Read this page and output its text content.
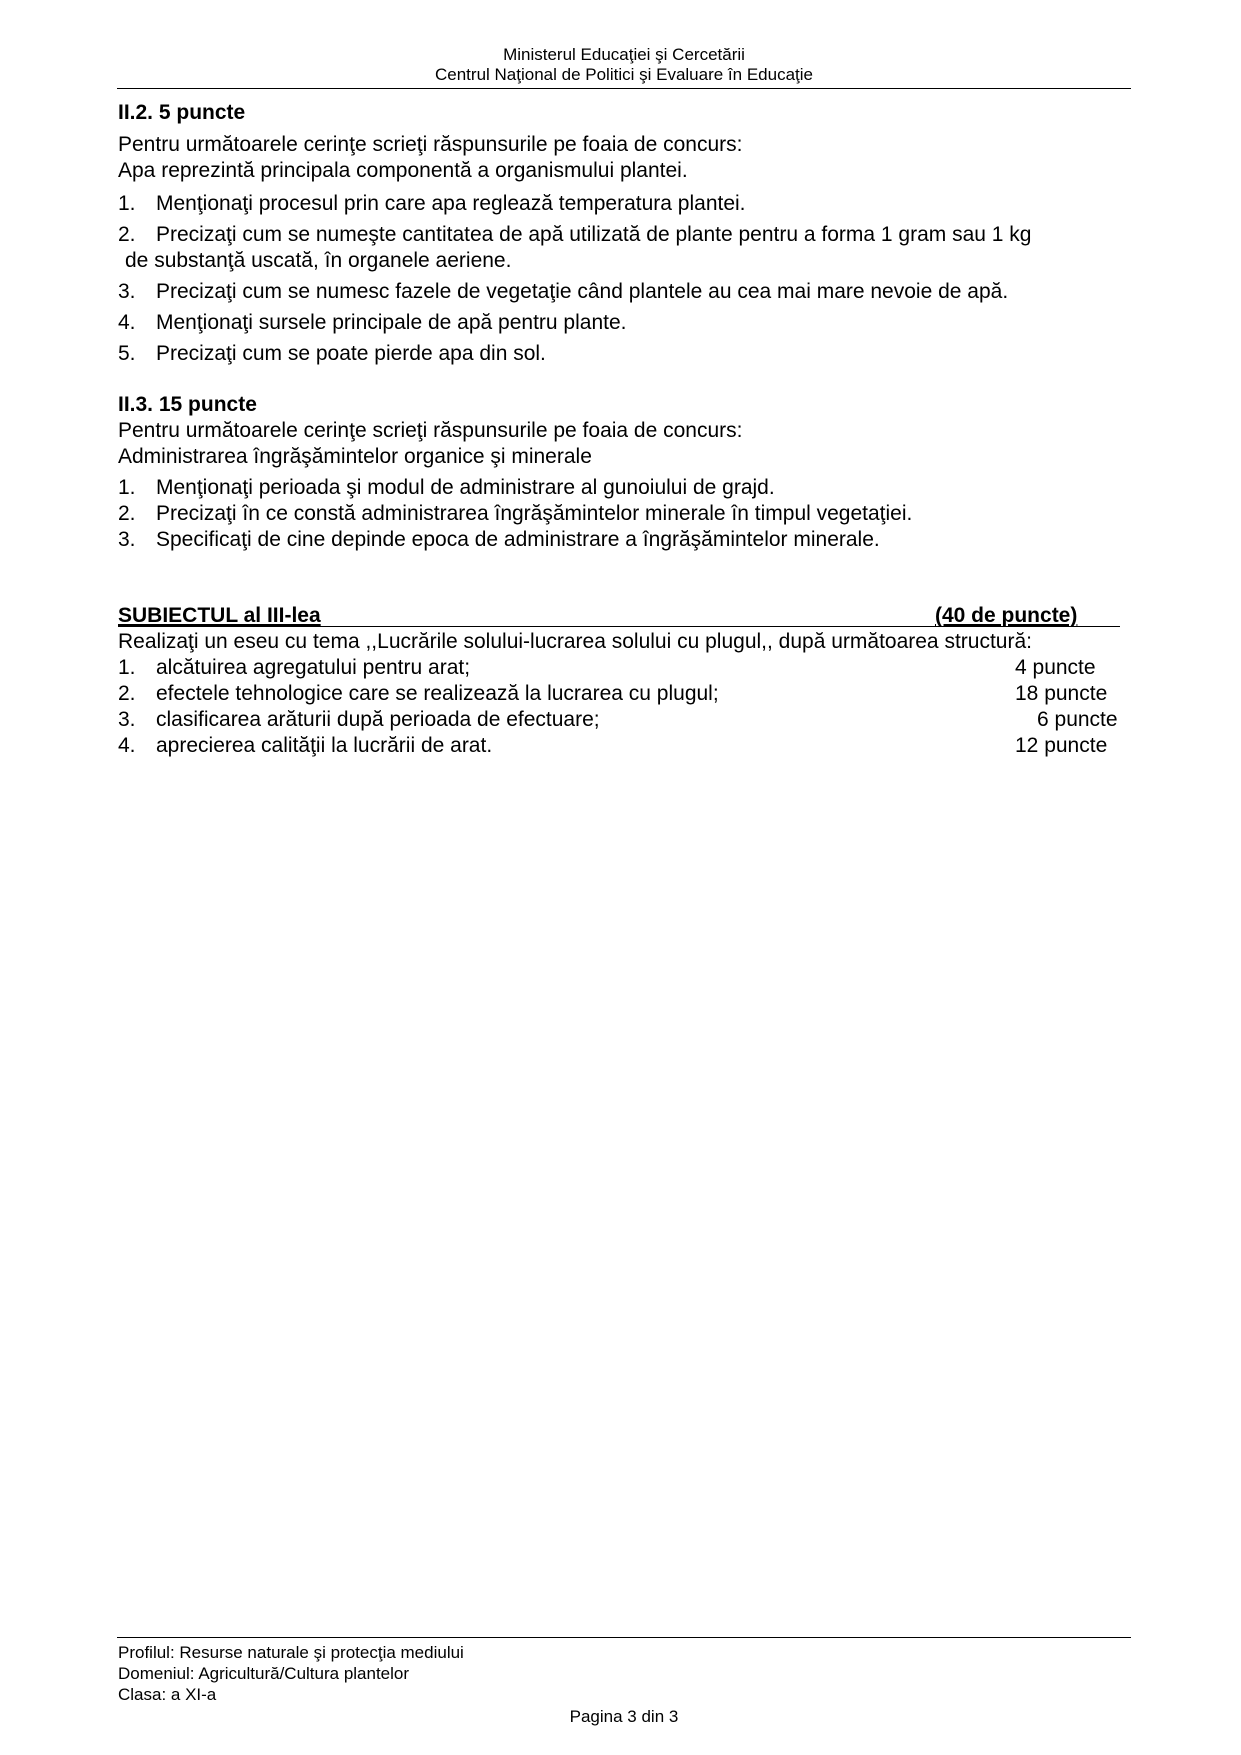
Ministerul Educaţiei şi Cercetării
Centrul Naţional de Politici şi Evaluare în Educaţie
II.2. 5 puncte
Pentru următoarele cerinţe scrieţi răspunsurile pe foaia de concurs:
Apa reprezintă principala componentă a organismului plantei.
1. Menţionaţi procesul prin care apa reglează temperatura plantei.
2. Precizaţi cum se numeşte cantitatea de apă utilizată de plante pentru a forma 1 gram sau 1 kg
de substanţă uscată, în organele aeriene.
3. Precizaţi cum se numesc fazele de vegetaţie când plantele au cea mai mare nevoie de apă.
4. Menţionaţi sursele principale de apă pentru plante.
5. Precizaţi cum se poate pierde apa din sol.
II.3. 15 puncte
Pentru următoarele cerinţe scrieţi răspunsurile pe foaia de concurs:
Administrarea îngrăşămintelor organice şi minerale
1. Menţionaţi perioada şi modul de administrare al gunoiului de grajd.
2. Precizaţi în ce constă administrarea îngrăşămintelor minerale în timpul vegetaţiei.
3. Specificaţi de cine depinde epoca de administrare a îngrăşămintelor minerale.
SUBIECTUL al III-lea	(40 de puncte)
Realizaţi un eseu cu tema ,,Lucrările solului-lucrarea solului cu plugul,, după următoarea structură:
1. alcătuirea agregatului pentru arat;	4 puncte
2. efectele tehnologice care se realizează la lucrarea cu plugul;	18 puncte
3. clasificarea arăturii după perioada de efectuare;	6 puncte
4. aprecierea calităţii la lucrării de arat.	12 puncte
Profilul: Resurse naturale şi protecţia mediului
Domeniul: Agricultură/Cultura plantelor
Clasa: a XI-a
Pagina 3 din 3
